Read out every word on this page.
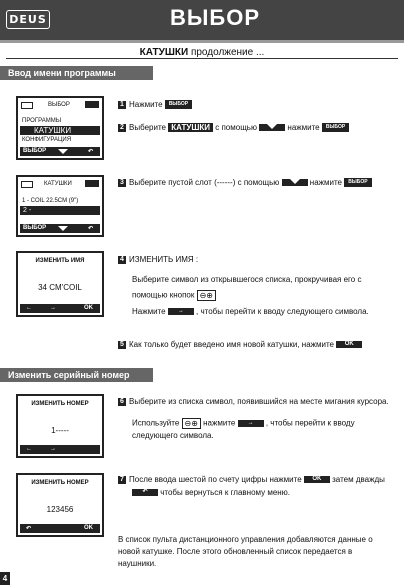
DEUS	ВЫБОР
КАТУШКИ продолжение ...
Ввод имени программы
ВЫБОР
ПРОГРАММЫ
КАТУШКИ
КОНФИГУРАЦИЯ
ВЫБОР	↶
1 Нажмите ВЫБОР
2 Выберите КАТУШКИ с помощью	нажмите ВЫБОР
КАТУШКИ
1 - COIL 22.5CM (9")
2 -
ВЫБОР	↶
3 Выберите пустой слот (------) с помощью	нажмите ВЫБОР
ИЗМЕНИТЬ ИМЯ
34 CM'COIL
←	→	OK
4 ИЗМЕНИТЬ ИМЯ :
Выберите символ из открывшегося списка, прокручивая его с
помощью кнопок ⊖⊕
Нажмите → , чтобы перейти к вводу следующего символа.
5 Как только будет введено имя новой катушки, нажмите OK
Изменить серийный номер
ИЗМЕНИТЬ НОМЕР
1-----
←	→
6 Выберите из списка символ, появившийся на месте мигания курсора.
Используйте ⊖⊕ нажмите → , чтобы перейти к вводу
следующего символа.
ИЗМЕНИТЬ НОМЕР
123456
↶	OK
7 После ввода шестой по счету цифры нажмите OK затем дважды
↶ чтобы вернуться к главному меню.
В список пульта дистанционного управления добавляются данные о
новой катушке. После этого обновленный список передается в
наушники.
4
